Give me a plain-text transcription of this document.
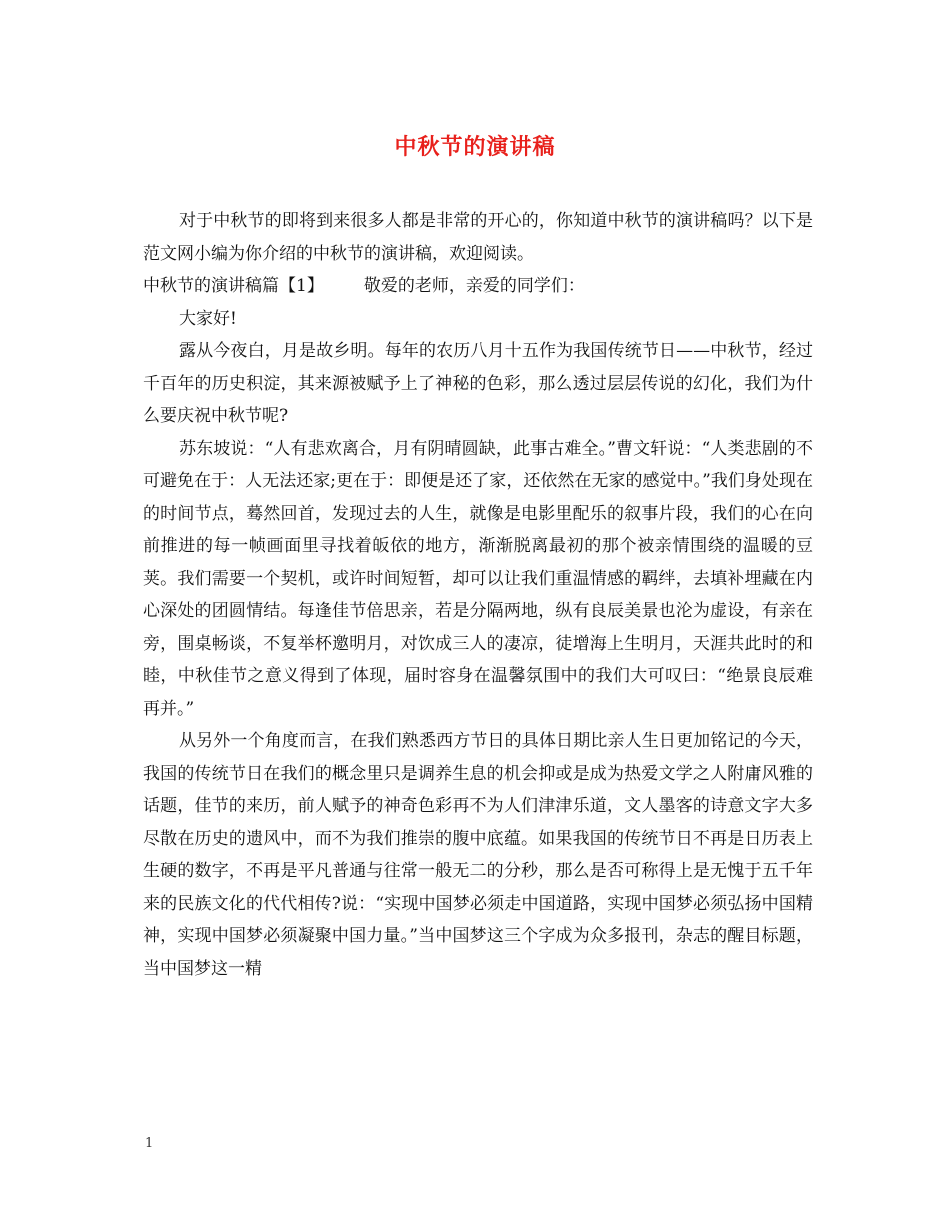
中秋节的演讲稿

对于中秋节的即将到来很多人都是非常的开心的，你知道中秋节的演讲稿吗？以下是范文网小编为你介绍的中秋节的演讲稿，欢迎阅读。

中秋节的演讲稿篇【1】 敬爱的老师，亲爱的同学们：

大家好!

露从今夜白，月是故乡明。每年的农历八月十五作为我国传统节日——中秋节，经过千百年的历史积淀，其来源被赋予上了神秘的色彩，那么透过层层传说的幻化，我们为什么要庆祝中秋节呢?

苏东坡说：“人有悲欢离合，月有阴晴圆缺，此事古难全。”曹文轩说：“人类悲剧的不可避免在于：人无法还家;更在于：即便是还了家，还依然在无家的感觉中。”我们身处现在的时间节点，蓦然回首，发现过去的人生，就像是电影里配乐的叙事片段，我们的心在向前推进的每一帧画面里寻找着皈依的地方，渐渐脱离最初的那个被亲情围绕的温暖的豆荚。我们需要一个契机，或许时间短暂，却可以让我们重温情感的羁绊，去填补埋藏在内心深处的团圆情结。每逢佳节倍思亲，若是分隔两地，纵有良辰美景也沦为虚设，有亲在旁，围桌畅谈，不复举杯邀明月，对饮成三人的凄凉，徒增海上生明月，天涯共此时的和睦，中秋佳节之意义得到了体现，届时容身在温馨氛围中的我们大可叹曰：“绝景良辰难再并。”

从另外一个角度而言，在我们熟悉西方节日的具体日期比亲人生日更加铭记的今天，我国的传统节日在我们的概念里只是调养生息的机会抑或是成为热爱文学之人附庸风雅的话题，佳节的来历，前人赋予的神奇色彩再不为人们津津乐道，文人墨客的诗意文字大多尽散在历史的遗风中，而不为我们推崇的腹中底蕴。如果我国的传统节日不再是日历表上生硬的数字，不再是平凡普通与往常一般无二的分秒，那么是否可称得上是无愧于五千年来的民族文化的代代相传?说：“实现中国梦必须走中国道路，实现中国梦必须弘扬中国精神，实现中国梦必须凝聚中国力量。”当中国梦这三个字成为众多报刊，杂志的醒目标题，当中国梦这一精

1
